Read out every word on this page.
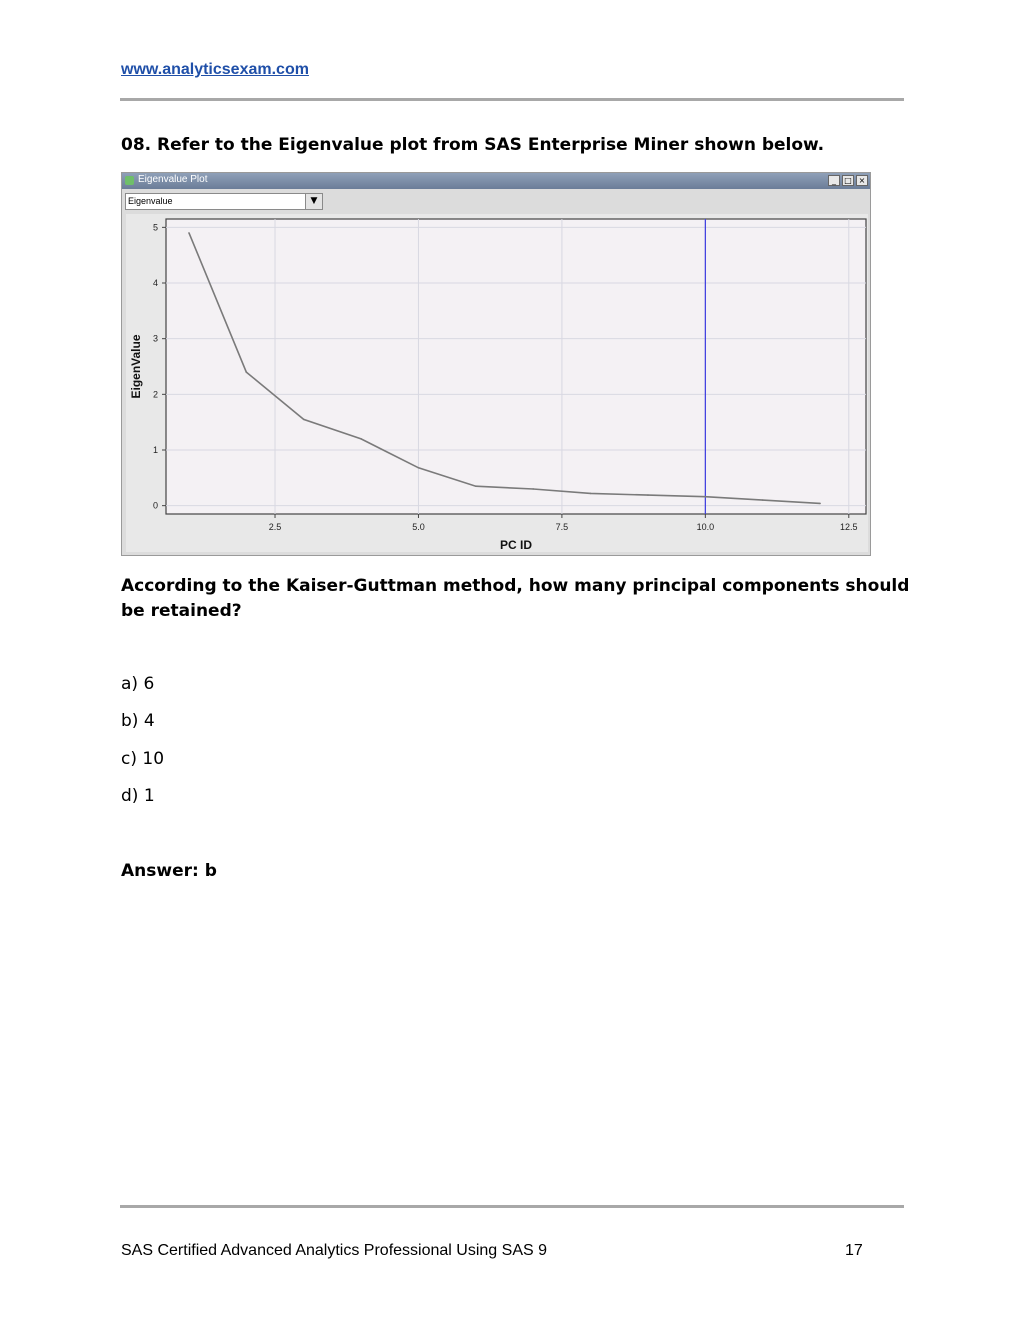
www.analyticsexam.com
08. Refer to the Eigenvalue plot from SAS Enterprise Miner shown below.
Eigenvalue Plot	_	□ ×
Eigenvalue	▼
2.5	5.0	7.5	10.0	12.5
0
1
2
3
4
5
PC ID
EigenValue
According to the Kaiser-Guttman method, how many principal components should be retained?
a) 6
b) 4
c) 10
d) 1
Answer: b
SAS Certified Advanced Analytics Professional Using SAS 9	17
